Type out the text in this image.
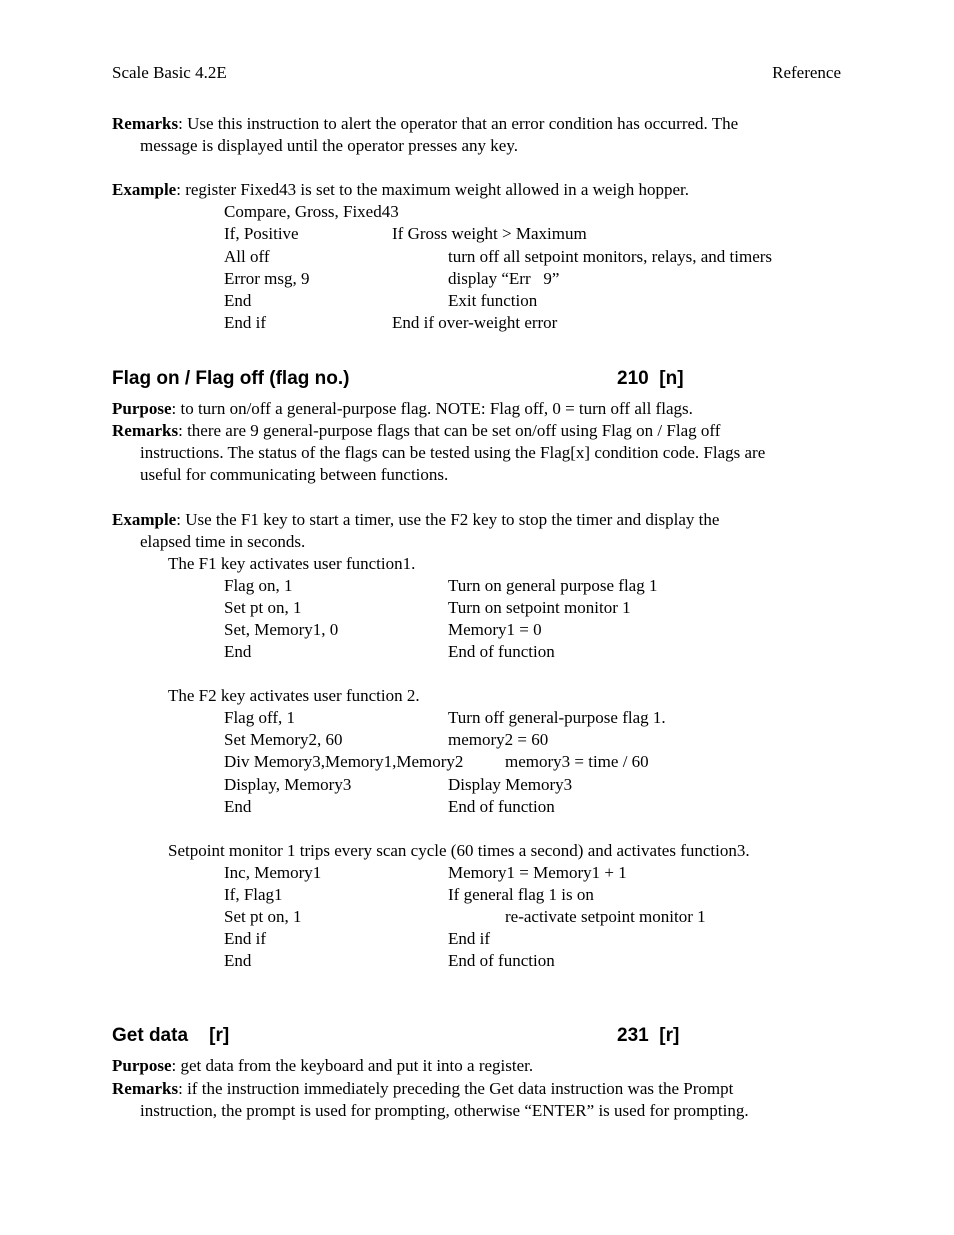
Scale Basic 4.2E	Reference
Remarks: Use this instruction to alert the operator that an error condition has occurred. The
message is displayed until the operator presses any key.
Example: register Fixed43 is set to the maximum weight allowed in a weigh hopper.
Compare, Gross, Fixed43
If, Positive	If Gross weight > Maximum
All off	turn off all setpoint monitors, relays, and timers
Error msg, 9	display “Err   9”
End	Exit function
End if	End if over-weight error
Flag on / Flag off (flag no.)	210  [n]
Purpose: to turn on/off a general-purpose flag. NOTE: Flag off, 0 = turn off all flags.
Remarks: there are 9 general-purpose flags that can be set on/off using Flag on / Flag off
instructions. The status of the flags can be tested using the Flag[x] condition code. Flags are
useful for communicating between functions.
Example: Use the F1 key to start a timer, use the F2 key to stop the timer and display the
elapsed time in seconds.
The F1 key activates user function1.
Flag on, 1	Turn on general purpose flag 1
Set pt on, 1	Turn on setpoint monitor 1
Set, Memory1, 0	Memory1 = 0
End	End of function
The F2 key activates user function 2.
Flag off, 1	Turn off general-purpose flag 1.
Set Memory2, 60	memory2 = 60
Div Memory3,Memory1,Memory2 memory3 = time / 60
Display, Memory3	Display Memory3
End	End of function
Setpoint monitor 1 trips every scan cycle (60 times a second) and activates function3.
Inc, Memory1	Memory1 = Memory1 + 1
If, Flag1	If general flag 1 is on
Set pt on, 1	re-activate setpoint monitor 1
End if	End if
End	End of function
Get data    [r]	231  [r]
Purpose: get data from the keyboard and put it into a register.
Remarks: if the instruction immediately preceding the Get data instruction was the Prompt
instruction, the prompt is used for prompting, otherwise “ENTER” is used for prompting.
